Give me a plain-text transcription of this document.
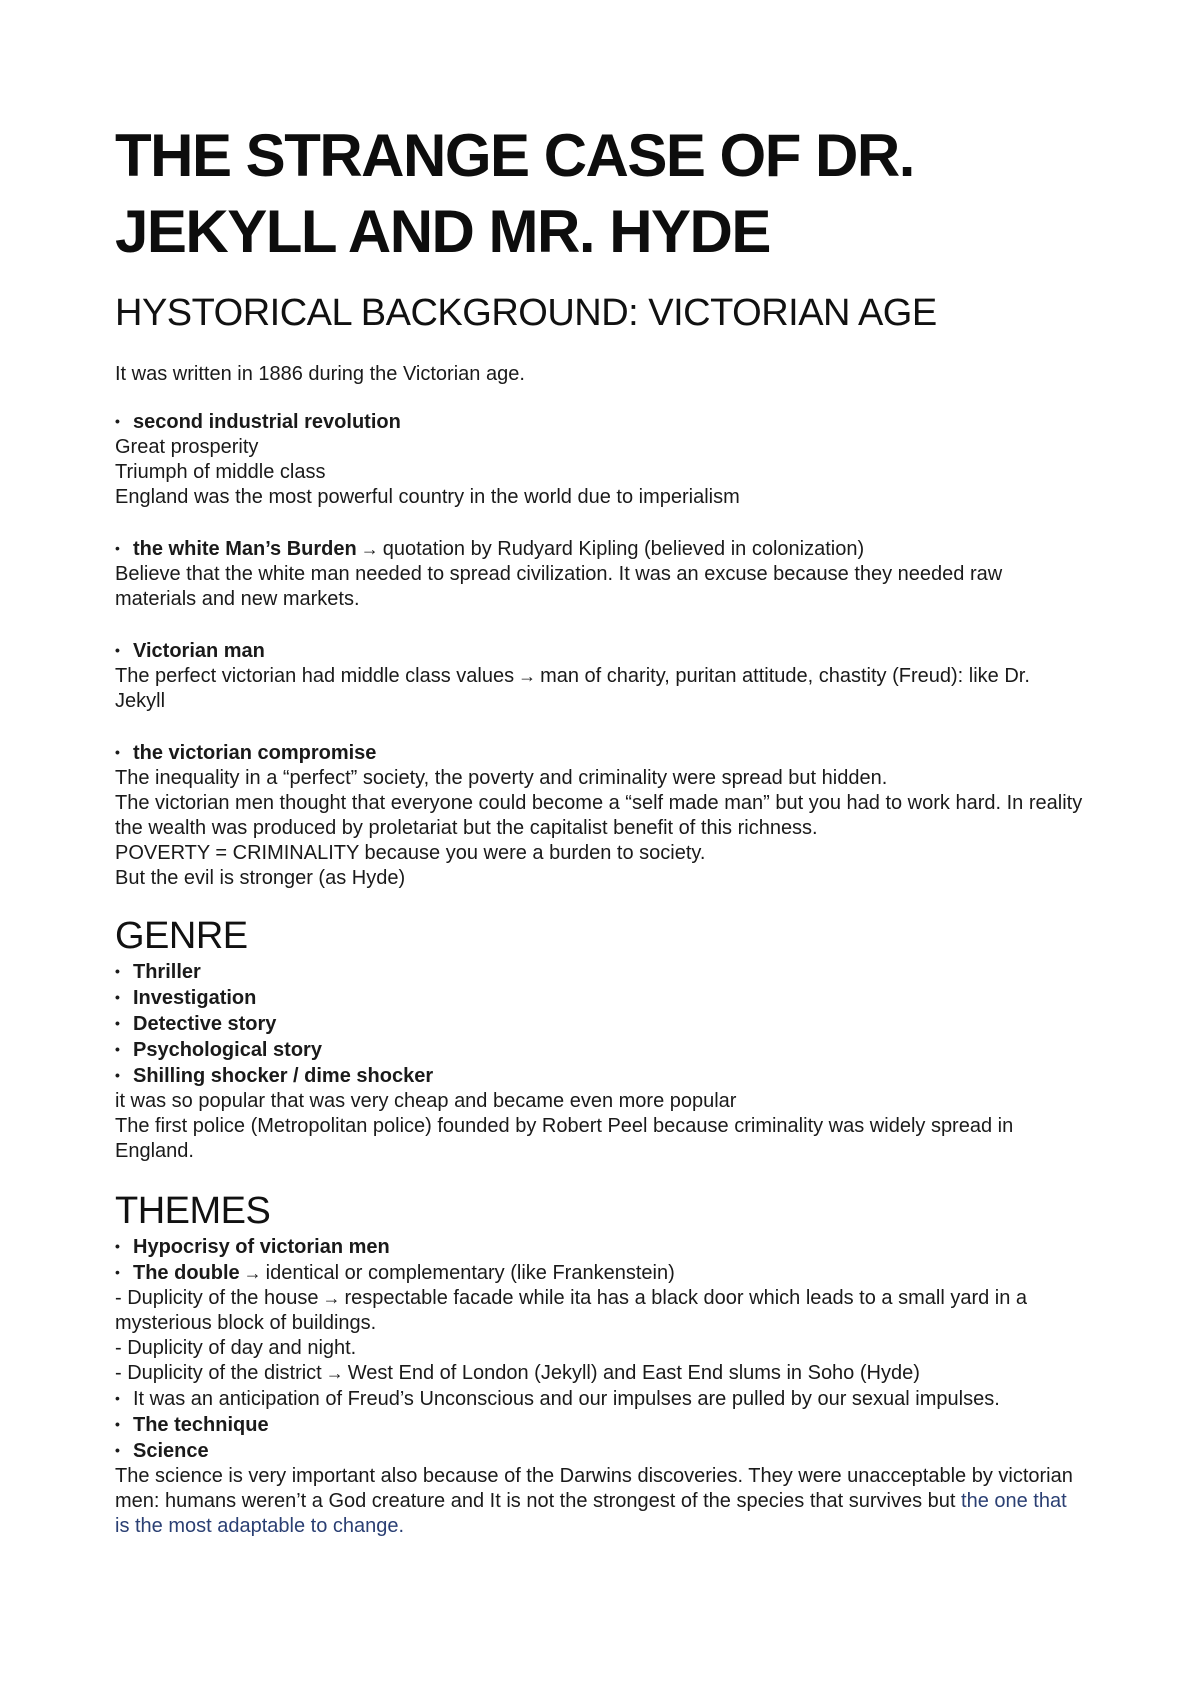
THE STRANGE CASE OF DR.
JEKYLL AND MR. HYDE
HYSTORICAL BACKGROUND: VICTORIAN AGE

It was written in 1886 during the Victorian age.

• second industrial revolution

Great prosperity

Triumph of middle class

England was the most powerful country in the world due to imperialism

• the white Man’s Burden → quotation by Rudyard Kipling (believed in colonization)

Believe that the white man needed to spread civilization. It was an excuse because they needed raw materials and new markets.

• Victorian man

The perfect victorian had middle class values → man of charity, puritan attitude, chastity (Freud): like Dr. Jekyll

• the victorian compromise

The inequality in a “perfect” society, the poverty and criminality were spread but hidden.

The victorian men thought that everyone could become a “self made man” but you had to work hard. In reality the wealth was produced by proletariat but the capitalist benefit of this richness.

POVERTY = CRIMINALITY because you were a burden to society.

But the evil is stronger (as Hyde)

GENRE

• Thriller

• Investigation

• Detective story

• Psychological story

• Shilling shocker / dime shocker

it was so popular that was very cheap and became even more popular

The first police (Metropolitan police) founded by Robert Peel because criminality was widely spread in England.

THEMES

• Hypocrisy of victorian men

• The double → identical or complementary (like Frankenstein)

- Duplicity of the house → respectable facade while ita has a black door which leads to a small yard in a mysterious block of buildings.

- Duplicity of day and night.

- Duplicity of the district → West End of London (Jekyll) and East End slums in Soho (Hyde)

• It was an anticipation of Freud’s Unconscious and our impulses are pulled by our sexual impulses.

• The technique

• Science

The science is very important also because of the Darwins discoveries. They were unacceptable by victorian men: humans weren’t a God creature and It is not the strongest of the species that survives but the one that is the most adaptable to change.
